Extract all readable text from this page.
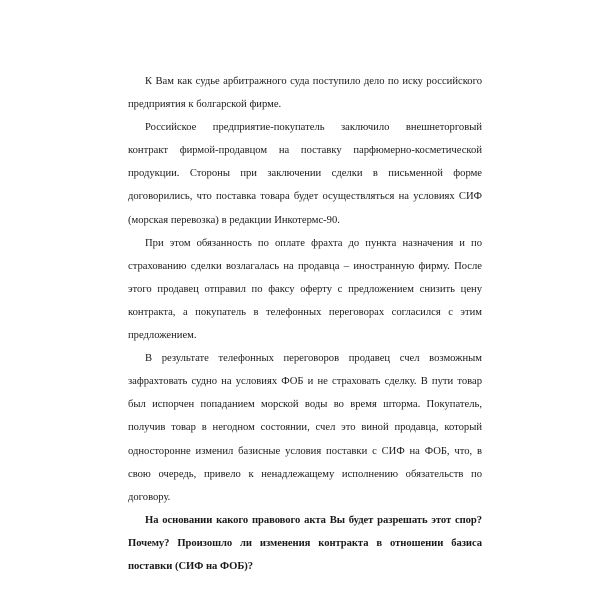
К Вам как судье арбитражного суда поступило дело по иску российского предприятия к болгарской фирме.

Российское предприятие-покупатель заключило внешнеторговый контракт фирмой-продавцом на поставку парфюмерно-косметической продукции. Стороны при заключении сделки в письменной форме договорились, что поставка товара будет осуществляться на условиях СИФ (морская перевозка) в редакции Инкотермс-90.

При этом обязанность по оплате фрахта до пункта назначения и по страхованию сделки возлагалась на продавца – иностранную фирму. После этого продавец отправил по факсу оферту с предложением снизить цену контракта, а покупатель в телефонных переговорах согласился с этим предложением.

В результате телефонных переговоров продавец счел возможным зафрахтовать судно на условиях ФОБ и не страховать сделку. В пути товар был испорчен попаданием морской воды во время шторма. Покупатель, получив товар в негодном состоянии, счел это виной продавца, который односторонне изменил базисные условия поставки с СИФ на ФОБ, что, в свою очередь, привело к ненадлежащему исполнению обязательств по договору.

На основании какого правового акта Вы будет разрешать этот спор? Почему? Произошло ли изменения контракта в отношении базиса поставки (СИФ на ФОБ)?
